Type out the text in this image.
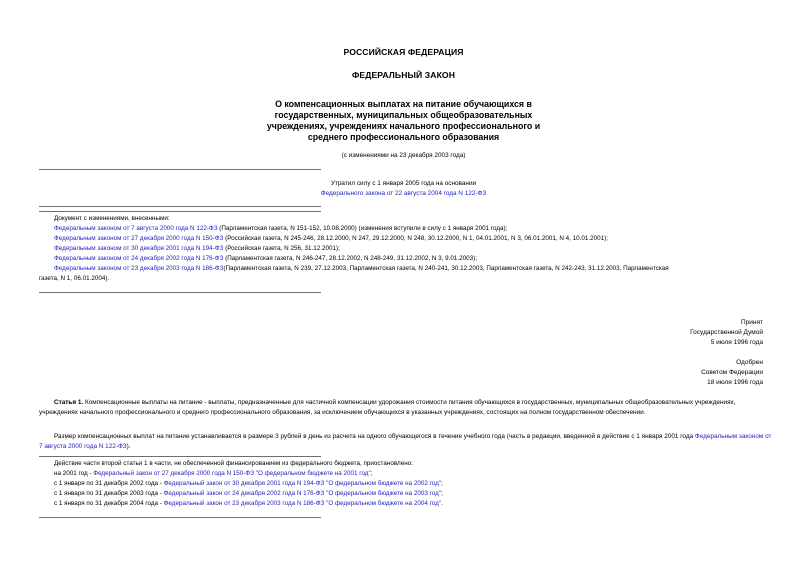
РОССИЙСКАЯ ФЕДЕРАЦИЯ
ФЕДЕРАЛЬНЫЙ ЗАКОН
О компенсационных выплатах на питание обучающихся в
государственных, муниципальных общеобразовательных
учреждениях, учреждениях начального профессионального и
среднего профессионального образования
(с изменениями на 23 декабря 2003 года)
Утратил силу с 1 января 2005 года на основании
Федерального закона от 22 августа 2004 года N 122-ФЗ
Документ с изменениями, внесенными:
Федеральным законом от 7 августа 2000 года N 122-ФЗ (Парламентская газета, N 151-152, 10.08.2000) (изменения вступили в силу с 1 января 2001 года);
Федеральным законом от 27 декабря 2000 года N 150-ФЗ (Российская газета, N 245-246, 28.12.2000, N 247, 29.12.2000, N 248, 30.12.2000, N 1, 04.01.2001, N 3, 06.01.2001, N 4, 10.01.2001);
Федеральным законом от 30 декабря 2001 года N 194-ФЗ (Российская газета, N 256, 31.12.2001);
Федеральным законом от 24 декабря 2002 года N 176-ФЗ (Парламентская газета, N 246-247, 28.12.2002, N 248-249, 31.12.2002, N 3, 9.01.2003);
Федеральным законом от 23 декабря 2003 года N 186-ФЗ(Парламентская газета, N 239, 27.12.2003, Парламентская газета, N 240-241, 30.12.2003, Парламентская газета, N 242-243, 31.12.2003, Парламентская
газета, N 1, 06.01.2004).
Принят
Государственной Думой
5 июля 1996 года
Одобрен
Советом Федерации
18 июля 1996 года
Статья 1. Компенсационные выплаты на питание - выплаты, предназначенные для частичной компенсации удорожания стоимости питания обучающихся в государственных, муниципальных общеобразовательных учреждениях, учреждениях начального профессионального и среднего профессионального образования, за исключением обучающихся в указанных учреждениях, состоящих на полном государственном обеспечении.
Размер компенсационных выплат на питание устанавливается в размере 3 рублей в день из расчета на одного обучающегося в течение учебного года (часть в редакции, введенной в действие с 1 января 2001 года Федеральным законом от 7 августа 2000 года N 122-ФЗ).
Действие части второй статьи 1 в части, не обеспеченной финансированием из федерального бюджета, приостановлено:
на 2001 год - Федеральный закон от 27 декабря 2000 года N 150-ФЗ "О федеральном бюджете на 2001 год";
с 1 января по 31 декабря 2002 года - Федеральный закон от 30 декабря 2001 года N 194-ФЗ "О федеральном бюджете на 2002 год";
с 1 января по 31 декабря 2003 года - Федеральный закон от 24 декабря 2002 года N 176-ФЗ "О федеральном бюджете на 2003 год";
с 1 января по 31 декабря 2004 года - Федеральный закон от 23 декабря 2003 года N 186-ФЗ "О федеральном бюджете на 2004 год".
